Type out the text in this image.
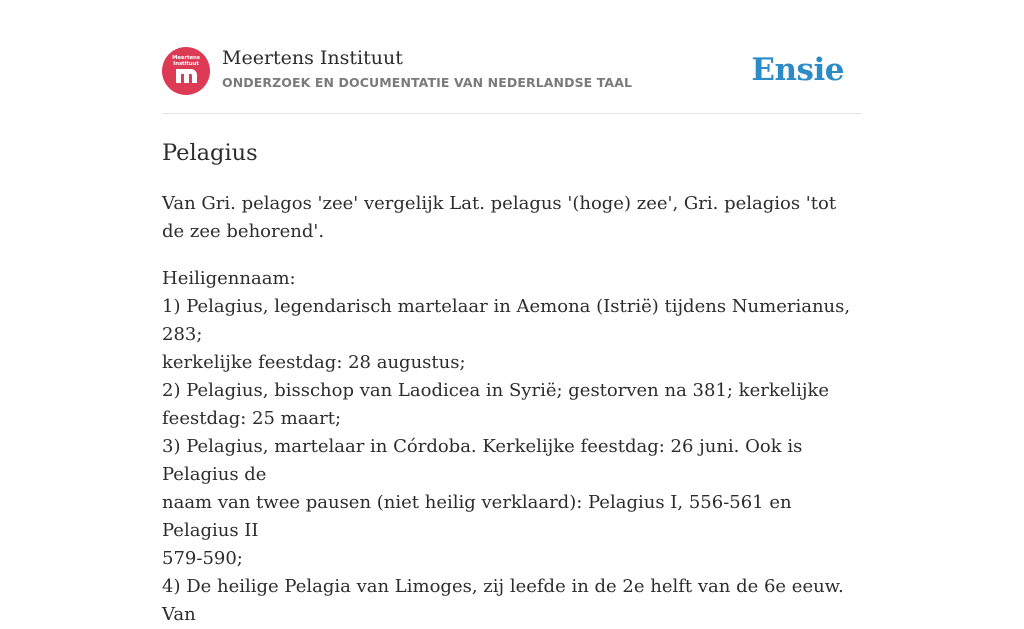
Meertens
Instituut	Meertens Instituut
ONDERZOEK EN DOCUMENTATIE VAN NEDERLANDSE TAAL	Ensie
Pelagius

Van Gri. pelagos 'zee' vergelijk Lat. pelagus '(hoge) zee', Gri. pelagios 'tot de zee behorend'.

Heiligennaam:
1) Pelagius, legendarisch martelaar in Aemona (Istrië) tijdens Numerianus, 283;
kerkelijke feestdag: 28 augustus;
2) Pelagius, bisschop van Laodicea in Syrië; gestorven na 381; kerkelijke
feestdag: 25 maart;
3) Pelagius, martelaar in Córdoba. Kerkelijke feestdag: 26 juni. Ook is Pelagius de
naam van twee pausen (niet heilig verklaard): Pelagius I, 556-561 en Pelagius II
579-590;
4) De heilige Pelagia van Limoges, zij leefde in de 2e helft van de 6e eeuw. Van
